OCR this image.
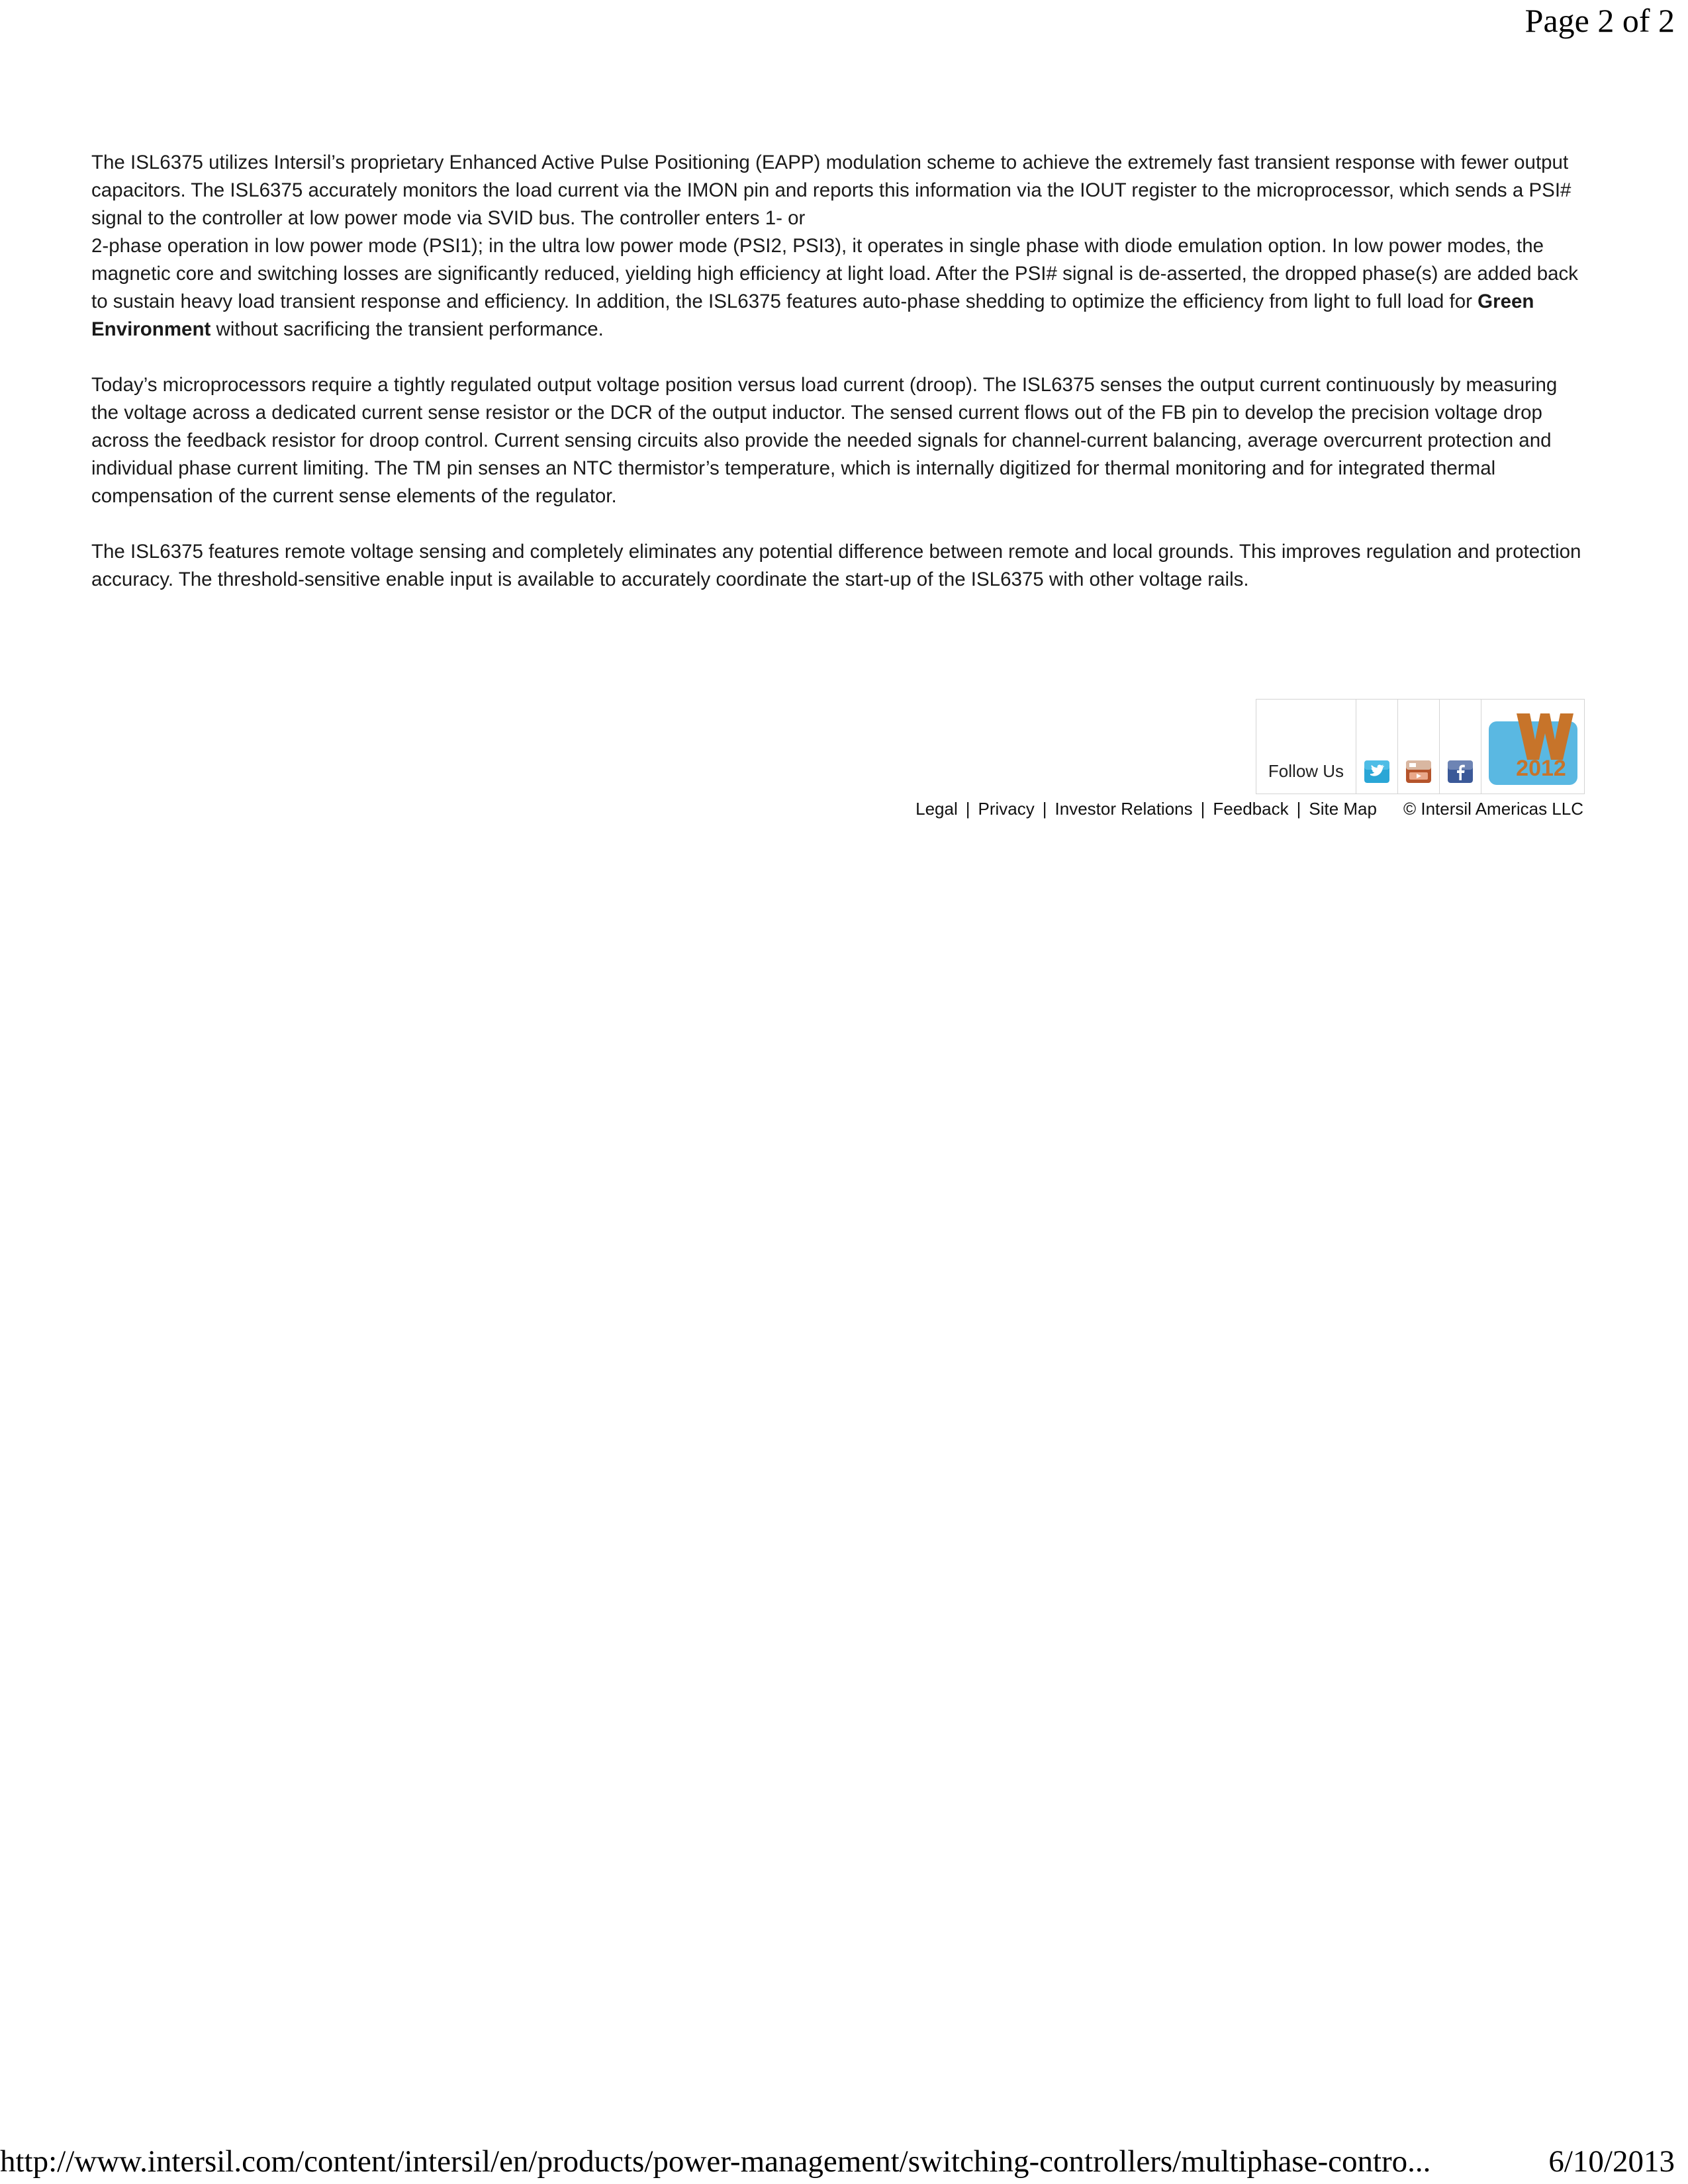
Page 2 of 2

The ISL6375 utilizes Intersil’s proprietary Enhanced Active Pulse Positioning (EAPP) modulation scheme to achieve the extremely fast transient response with fewer output capacitors. The ISL6375 accurately monitors the load current via the IMON pin and reports this information via the IOUT register to the microprocessor, which sends a PSI# signal to the controller at low power mode via SVID bus. The controller enters 1- or
2-phase operation in low power mode (PSI1); in the ultra low power mode (PSI2, PSI3), it operates in single phase with diode emulation option. In low power modes, the magnetic core and switching losses are significantly reduced, yielding high efficiency at light load. After the PSI# signal is de-asserted, the dropped phase(s) are added back to sustain heavy load transient response and efficiency. In addition, the ISL6375 features auto-phase shedding to optimize the efficiency from light to full load for Green Environment without sacrificing the transient performance.

Today’s microprocessors require a tightly regulated output voltage position versus load current (droop). The ISL6375 senses the output current continuously by measuring the voltage across a dedicated current sense resistor or the DCR of the output inductor. The sensed current flows out of the FB pin to develop the precision voltage drop across the feedback resistor for droop control. Current sensing circuits also provide the needed signals for channel-current balancing, average overcurrent protection and individual phase current limiting. The TM pin senses an NTC thermistor’s temperature, which is internally digitized for thermal monitoring and for integrated thermal compensation of the current sense elements of the regulator.

The ISL6375 features remote voltage sensing and completely eliminates any potential difference between remote and local grounds. This improves regulation and protection accuracy. The threshold-sensitive enable input is available to accurately coordinate the start-up of the ISL6375 with other voltage rails.

Follow Us	2012
Legal | Privacy | Investor Relations | Feedback | Site Map © Intersil Americas LLC
http://www.intersil.com/content/intersil/en/products/power-management/switching-controllers/multiphase-contro...	6/10/2013
